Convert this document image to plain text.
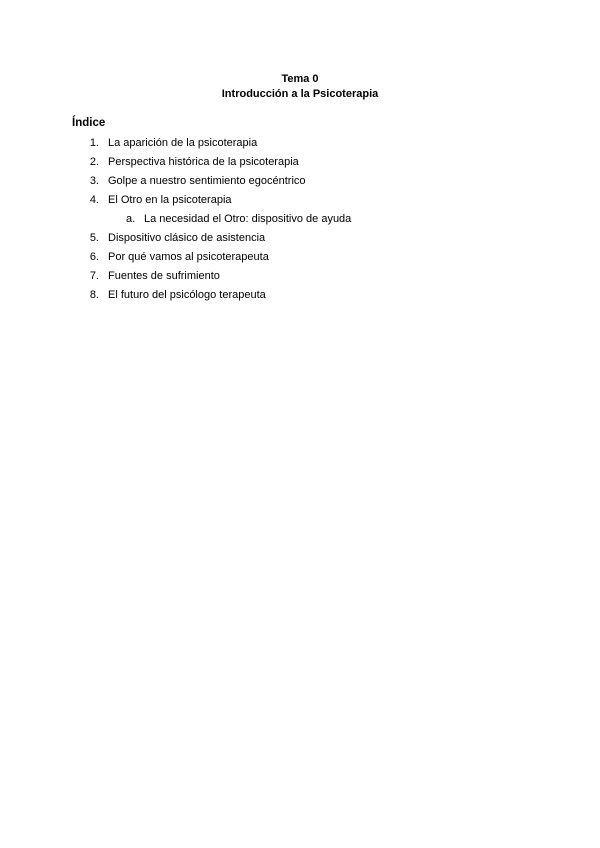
Tema 0
Introducción a la Psicoterapia
Índice
1. La aparición de la psicoterapia
2. Perspectiva histórica de la psicoterapia
3. Golpe a nuestro sentimiento egocéntrico
4. El Otro en la psicoterapia
a. La necesidad el Otro: dispositivo de ayuda
5. Dispositivo clásico de asistencia
6. Por qué vamos al psicoterapeuta
7. Fuentes de sufrimiento
8. El futuro del psicólogo terapeuta
